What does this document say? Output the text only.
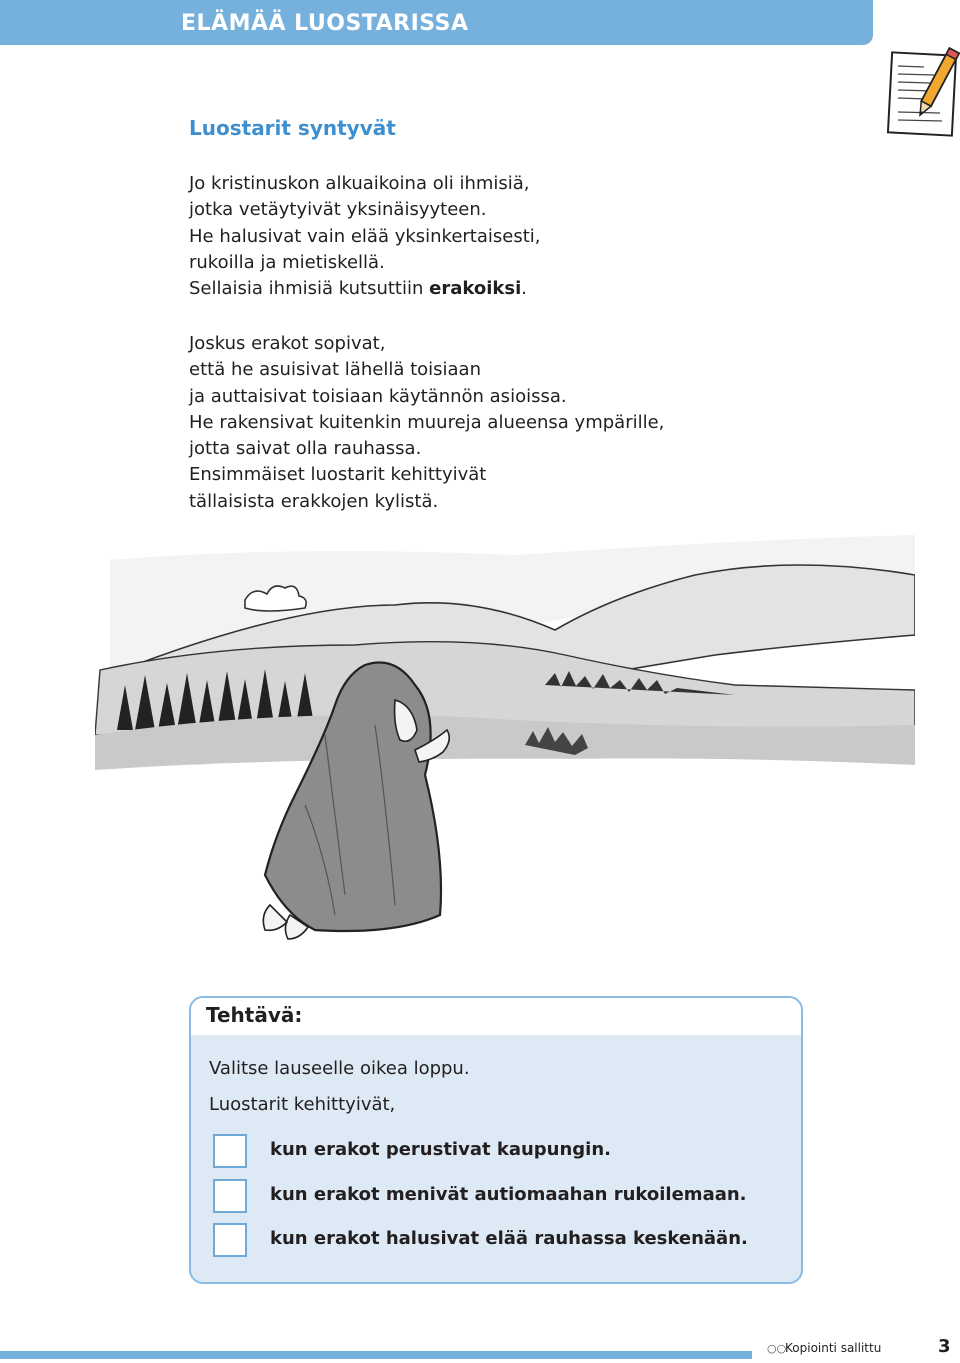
ELÄMÄÄ LUOSTARISSA
Luostarit syntyvät
Jo kristinuskon alkuaikoina oli ihmisiä,
jotka vetäytyivät yksinäisyyteen.
He halusivat vain elää yksinkertaisesti,
rukoilla ja mietiskellä.
Sellaisia ihmisiä kutsuttiin erakoiksi.
Joskus erakot sopivat,
että he asuisivat lähellä toisiaan
ja auttaisivat toisiaan käytännön asioissa.
He rakensivat kuitenkin muureja alueensa ympärille,
jotta saivat olla rauhassa.
Ensimmäiset luostarit kehittyivät
tällaisista erakkojen kylistä.
Tehtävä:
Valitse lauseelle oikea loppu.
Luostarit kehittyivät,
kun erakot perustivat kaupungin.
kun erakot menivät autiomaahan rukoilemaan.
kun erakot halusivat elää rauhassa keskenään.
○○
Kopiointi sallittu	3
